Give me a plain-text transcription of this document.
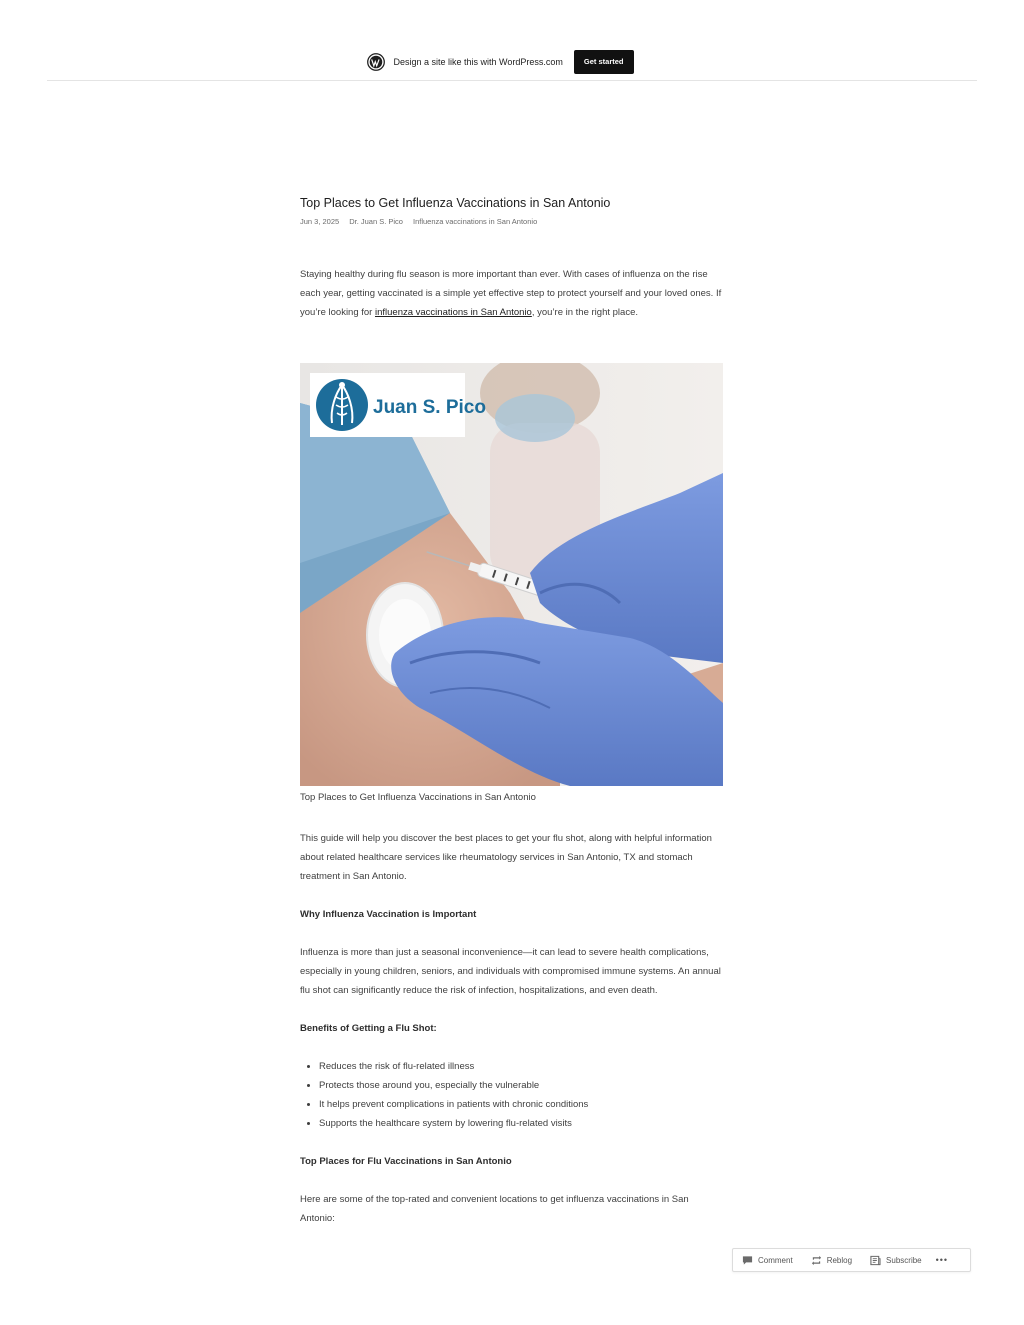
Design a site like this with WordPress.com	Get started
Top Places to Get Influenza Vaccinations in San Antonio
Jun 3, 2025 Dr. Juan S. Pico Influenza vaccinations in San Antonio

Staying healthy during flu season is more important than ever. With cases of influenza on the rise each year, getting vaccinated is a simple yet effective step to protect yourself and your loved ones. If you’re looking for influenza vaccinations in San Antonio, you’re in the right place.

Juan S. Pico
Top Places to Get Influenza Vaccinations in San Antonio

This guide will help you discover the best places to get your flu shot, along with helpful information about related healthcare services like rheumatology services in San Antonio, TX and stomach treatment in San Antonio.

Why Influenza Vaccination is Important

Influenza is more than just a seasonal inconvenience—it can lead to severe health complications, especially in young children, seniors, and individuals with compromised immune systems. An annual flu shot can significantly reduce the risk of infection, hospitalizations, and even death.

Benefits of Getting a Flu Shot:

• Reduces the risk of flu-related illness
• Protects those around you, especially the vulnerable
• It helps prevent complications in patients with chronic conditions
• Supports the healthcare system by lowering flu-related visits

Top Places for Flu Vaccinations in San Antonio

Here are some of the top-rated and convenient locations to get influenza vaccinations in San Antonio:

Comment	Reblog	Subscribe •••
